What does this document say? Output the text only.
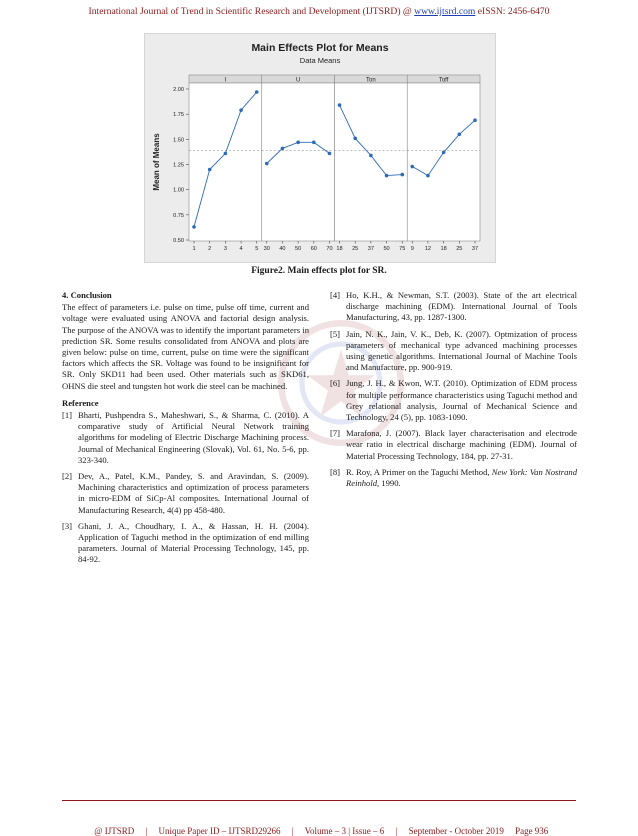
International Journal of Trend in Scientific Research and Development (IJTSRD) @ www.ijtsrd.com eISSN: 2456-6470
Main Effects Plot for Means
Data Means
Mean of Means
0.50
0.75
1.00
1.25
1.50
1.75
2.00
I
1 2 3 4 5
U
30 40 50 60 70
Ton
18 25 37 50 75
Toff
9 12 18 25 37
Figure2. Main effects plot for SR.
4. Conclusion
The effect of parameters i.e. pulse on time, pulse off time, current and voltage were evaluated using ANOVA and factorial design analysis. The purpose of the ANOVA was to identify the important parameters in prediction SR. Some results consolidated from ANOVA and plots are given below: pulse on time, current, pulse on time were the significant factors which affects the SR. Voltage was found to be insignificant for SR. Only SKD11 had been used. Other materials such as SKD61, OHNS die steel and tungsten hot work die steel can be machined.
Reference
[1] Bharti, Pushpendra S., Maheshwari, S., & Sharma, C. (2010). A comparative study of Artificial Neural Network training algorithms for modeling of Electric Discharge Machining process. Journal of Mechanical Engineering (Slovak), Vol. 61, No. 5-6, pp. 323-340.
[2] Dev, A., Patel, K.M., Pandey, S. and Aravindan, S. (2009). Machining characteristics and optimization of process parameters in micro-EDM of SiCp-Al composites. International Journal of Manufacturing Research, 4(4) pp 458-480.
[3] Ghani, J. A., Choudhary, I. A., & Hassan, H. H. (2004). Application of Taguchi method in the optimization of end milling parameters. Journal of Material Processing Technology, 145, pp. 84-92.
[4] Ho, K.H., & Newman, S.T. (2003). State of the art electrical discharge machining (EDM). International Journal of Tools Manufacturing, 43, pp. 1287-1300.
[5] Jain, N. K., Jain, V. K., Deb, K. (2007). Optmization of process parameters of mechanical type advanced machining processes using genetic algorithms. International Journal of Machine Tools and Manufacture, pp. 900-919.
[6] Jung, J. H., & Kwon, W.T. (2010). Optimization of EDM process for multiple performance characteristics using Taguchi method and Grey relational analysis, Journal of Mechanical Science and Technology, 24 (5), pp. 1083-1090.
[7] Marafona, J. (2007). Black layer characterisation and electrode wear ratio in electrical discharge machining (EDM). Journal of Material Processing Technology, 184, pp. 27-31.
[8] R. Roy, A Primer on the Taguchi Method, New York: Van Nostrand Reinhold, 1990.

@ IJTSRD     |     Unique Paper ID – IJTSRD29266     |     Volume – 3 | Issue – 6     |     September - October 2019     Page 936
